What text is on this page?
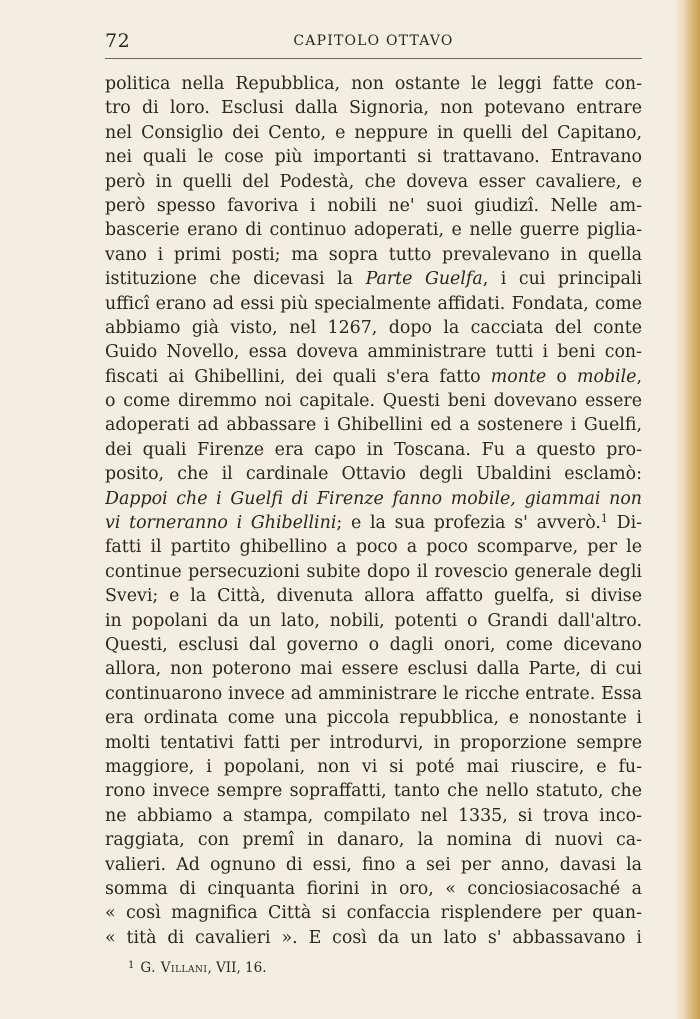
72	CAPITOLO OTTAVO
politica nella Repubblica, non ostante le leggi fatte con-
tro di loro. Esclusi dalla Signoria, non potevano entrare
nel Consiglio dei Cento, e neppure in quelli del Capitano,
nei quali le cose più importanti si trattavano. Entravano
però in quelli del Podestà, che doveva esser cavaliere, e
però spesso favoriva i nobili ne' suoi giudizî. Nelle am-
bascerie erano di continuo adoperati, e nelle guerre piglia-
vano i primi posti; ma sopra tutto prevalevano in quella
istituzione che dicevasi la Parte Guelfa, i cui principali
ufficî erano ad essi più specialmente affidati. Fondata, come
abbiamo già visto, nel 1267, dopo la cacciata del conte
Guido Novello, essa doveva amministrare tutti i beni con-
fiscati ai Ghibellini, dei quali s'era fatto monte o mobile,
o come diremmo noi capitale. Questi beni dovevano essere
adoperati ad abbassare i Ghibellini ed a sostenere i Guelfi,
dei quali Firenze era capo in Toscana. Fu a questo pro-
posito, che il cardinale Ottavio degli Ubaldini esclamò:
Dappoi che i Guelfi di Firenze fanno mobile, giammai non
vi torneranno i Ghibellini; e la sua profezia s' avverò.$^1$ Di-
fatti il partito ghibellino a poco a poco scomparve, per le
continue persecuzioni subite dopo il rovescio generale degli
Svevi; e la Città, divenuta allora affatto guelfa, si divise
in popolani da un lato, nobili, potenti o Grandi dall'altro.
Questi, esclusi dal governo o dagli onori, come dicevano
allora, non poterono mai essere esclusi dalla Parte, di cui
continuarono invece ad amministrare le ricche entrate. Essa
era ordinata come una piccola repubblica, e nonostante i
molti tentativi fatti per introdurvi, in proporzione sempre
maggiore, i popolani, non vi si poté mai riuscire, e fu-
rono invece sempre sopraffatti, tanto che nello statuto, che
ne abbiamo a stampa, compilato nel 1335, si trova inco-
raggiata, con premî in danaro, la nomina di nuovi ca-
valieri. Ad ognuno di essi, fino a sei per anno, davasi la
somma di cinquanta fiorini in oro, « conciosiacosaché a
« così magnifica Città si confaccia risplendere per quan-
« tità di cavalieri ». E così da un lato s' abbassavano i
$^1$ G. Villani, VII, 16.
